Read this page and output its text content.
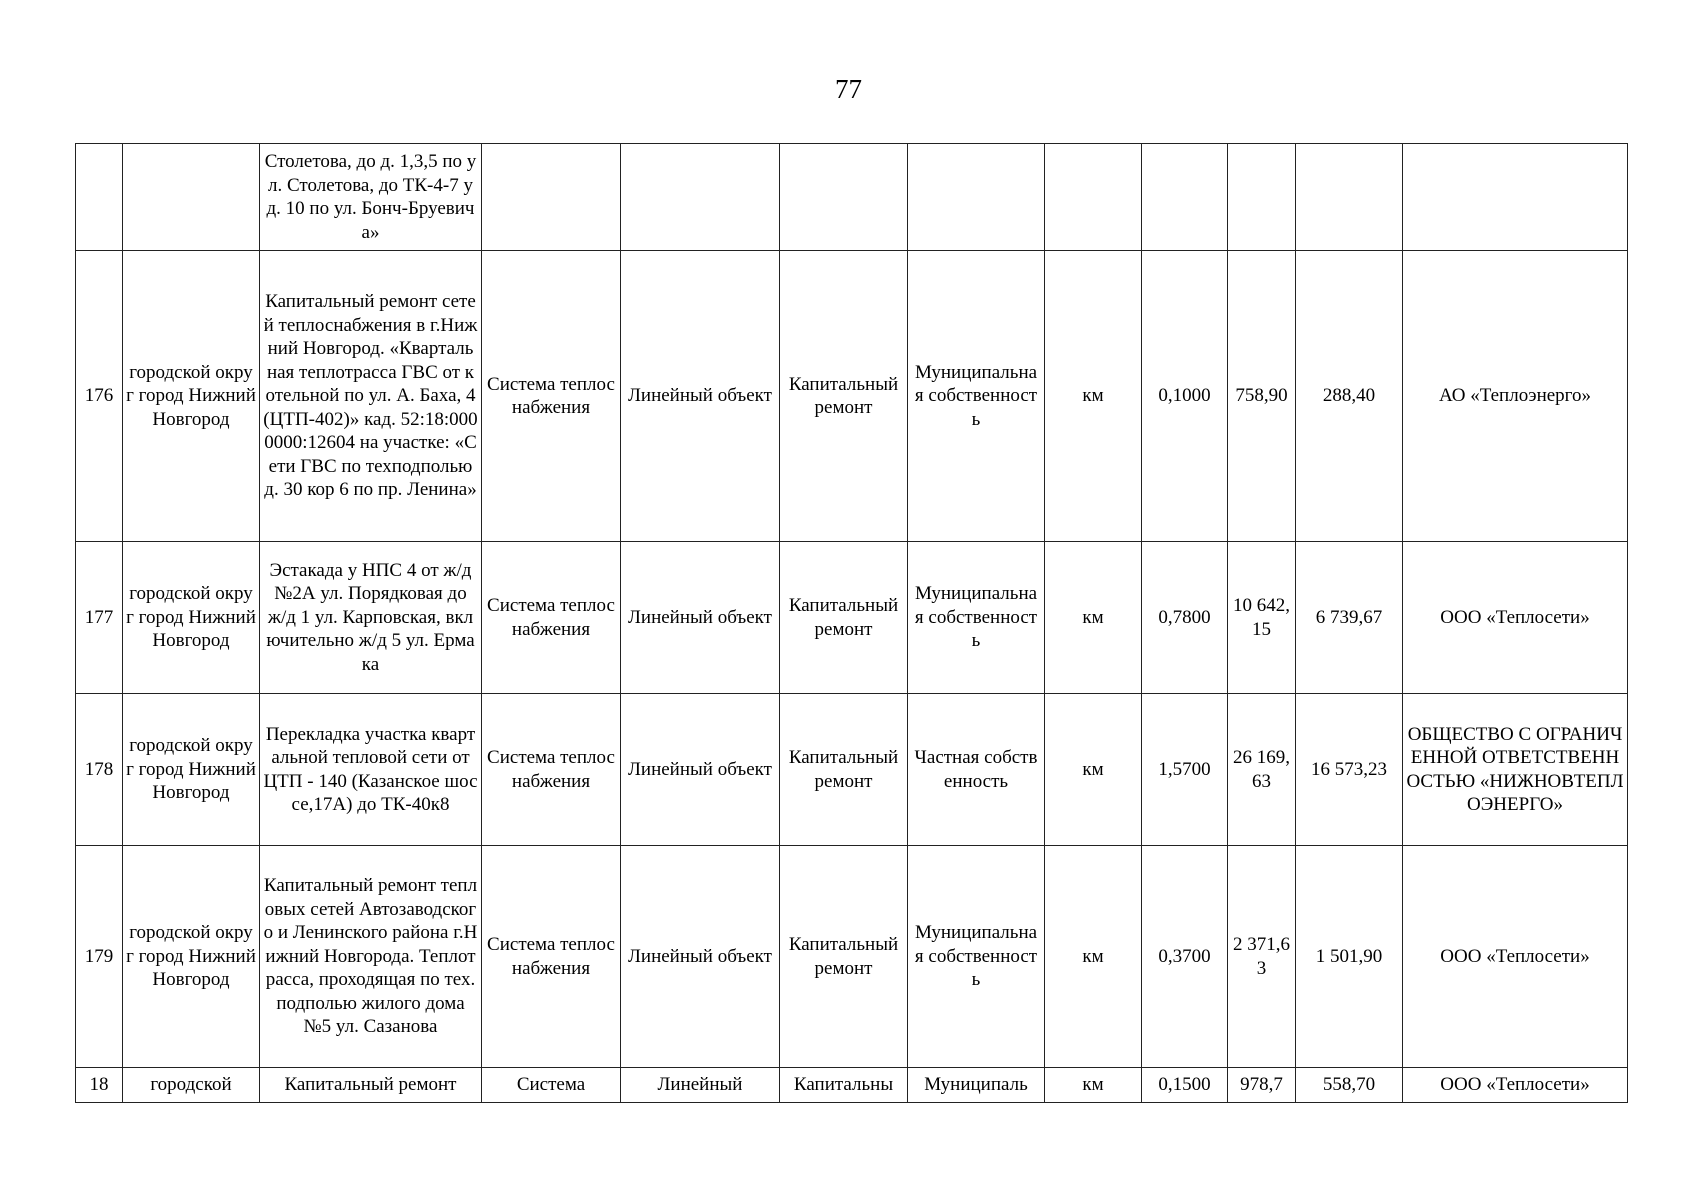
77
		Столетова, до д. 1,3,5 по ул. Столетова, до ТК-4-7 у д. 10 по ул. Бонч-Бруевича»									
176	городской округ город Нижний Новгород	Капитальный ремонт сетей теплоснабжения в г.Нижний Новгород. «Квартальная теплотрасса ГВС от котельной по ул. А. Баха, 4 (ЦТП-402)» кад. 52:18:0000000:12604 на участке: «Сети ГВС по техподполью д. 30 кор 6 по пр. Ленина»	Система теплоснабжения	Линейный объект	Капитальный ремонт	Муниципальная собственность	км	0,1000	758,90	288,40	АО «Теплоэнерго»
177	городской округ город Нижний Новгород	Эстакада у НПС 4 от ж/д №2А ул. Порядковая до ж/д 1 ул. Карповская, включительно ж/д 5 ул. Ермака	Система теплоснабжения	Линейный объект	Капитальный ремонт	Муниципальная собственность	км	0,7800	10 642,15	6 739,67	ООО «Теплосети»
178	городской округ город Нижний Новгород	Перекладка участка квартальной тепловой сети от ЦТП - 140 (Казанское шоссе,17А) до ТК-40к8	Система теплоснабжения	Линейный объект	Капитальный ремонт	Частная собственность	км	1,5700	26 169,63	16 573,23	ОБЩЕСТВО С ОГРАНИЧЕННОЙ ОТВЕТСТВЕННОСТЬЮ «НИЖНОВТЕПЛОЭНЕРГО»
179	городской округ город Нижний Новгород	Капитальный ремонт тепловых сетей Автозаводского и Ленинского района г.Нижний Новгорода. Теплотрасса, проходящая по тех. подполью жилого дома №5 ул. Сазанова	Система теплоснабжения	Линейный объект	Капитальный ремонт	Муниципальная собственность	км	0,3700	2 371,63	1 501,90	ООО «Теплосети»
18	городской	Капитальный ремонт	Система	Линейный	Капитальны	Муниципаль	км	0,1500	978,7	558,70	ООО «Теплосети»
